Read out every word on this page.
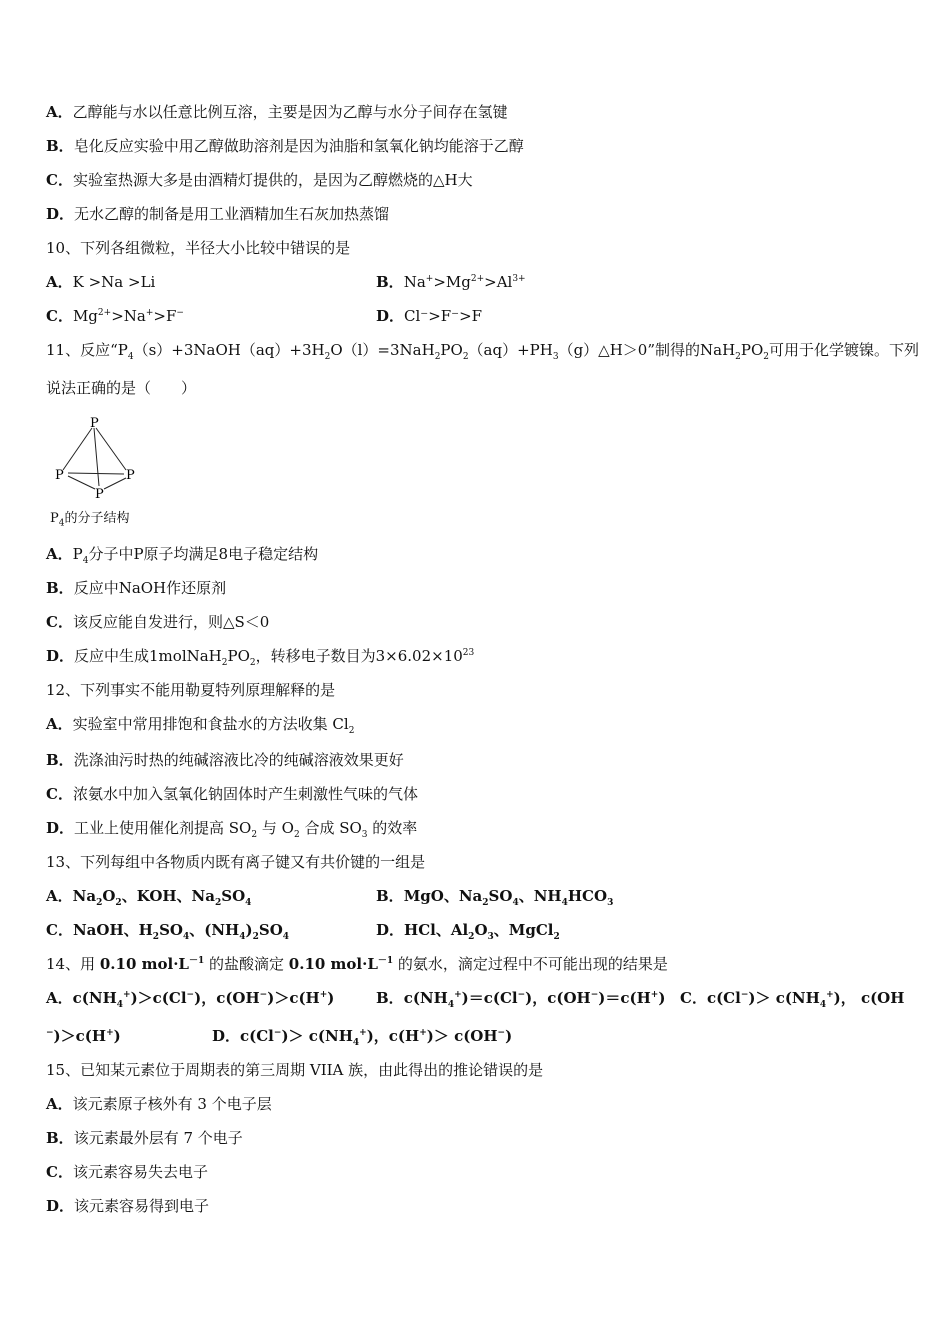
A．乙醇能与水以任意比例互溶，主要是因为乙醇与水分子间存在氢键
B．皂化反应实验中用乙醇做助溶剂是因为油脂和氢氧化钠均能溶于乙醇
C．实验室热源大多是由酒精灯提供的，是因为乙醇燃烧的△H大
D．无水乙醇的制备是用工业酒精加生石灰加热蒸馏
10、下列各组微粒，半径大小比较中错误的是
A．K >Na >Li	B．$Na^+>Mg^{2+}>Al^{3+}$
C．$Mg^{2+}>Na^+>F^-$	D．Cl⁻>F⁻>F
11、反应“$P_4(s)+3NaOH(aq)+3H_2O(l)=3NaH_2PO_2(aq)+PH_3(g)\triangle H>0$”制得的$NaH_2PO_2$可用于化学镀镍。下列
说法正确的是（　　）
P
P	P
P
$P_4$的分子结构
A．$P_4$分子中P原子均满足8电子稳定结构
B．反应中NaOH作还原剂
C．该反应能自发进行，则△S＜0
D．反应中生成$1molNaH_2PO_2$，转移电子数目为$3\times 6.02\times 10^{23}$
12、下列事实不能用勒夏特列原理解释的是
A．实验室中常用排饱和食盐水的方法收集 $Cl_2$
B．洗涤油污时热的纯碱溶液比冷的纯碱溶液效果更好
C．浓氨水中加入氢氧化钠固体时产生刺激性气味的气体
D．工业上使用催化剂提高 $SO_2$ 与 $O_2$ 合成 $SO_3$ 的效率
13、下列每组中各物质内既有离子键又有共价键的一组是
A．$Na_2O_2$、KOH、$Na_2SO_4$	B．MgO、$Na_2SO_4$、$NH_4HCO_3$
C．NaOH、$H_2SO_4$、$(NH_4)_2SO_4$	D．HCl、$Al_2O_3$、MgCl$_2$
14、用 0.10 $mol\cdot L^{-1}$ 的盐酸滴定 0.10 $mol\cdot L^{-1}$ 的氨水，滴定过程中不可能出现的结果是
A．$c(NH_4^+)>c(Cl^-)$，c(OH−)＞c(H+)	B．$c(NH_4^+)=c(Cl^-)$，c(OH−)＝c(H+) C．$c(Cl^-)> c(NH_4^+)$， c(OH
−)＞c(H+)	D．$c(Cl^-)> c(NH_4^+)$，c(H+)＞ c(OH−)
15、已知某元素位于周期表的第三周期 VIIA 族，由此得出的推论错误的是
A．该元素原子核外有 3 个电子层
B．该元素最外层有 7 个电子
C．该元素容易失去电子
D．该元素容易得到电子
